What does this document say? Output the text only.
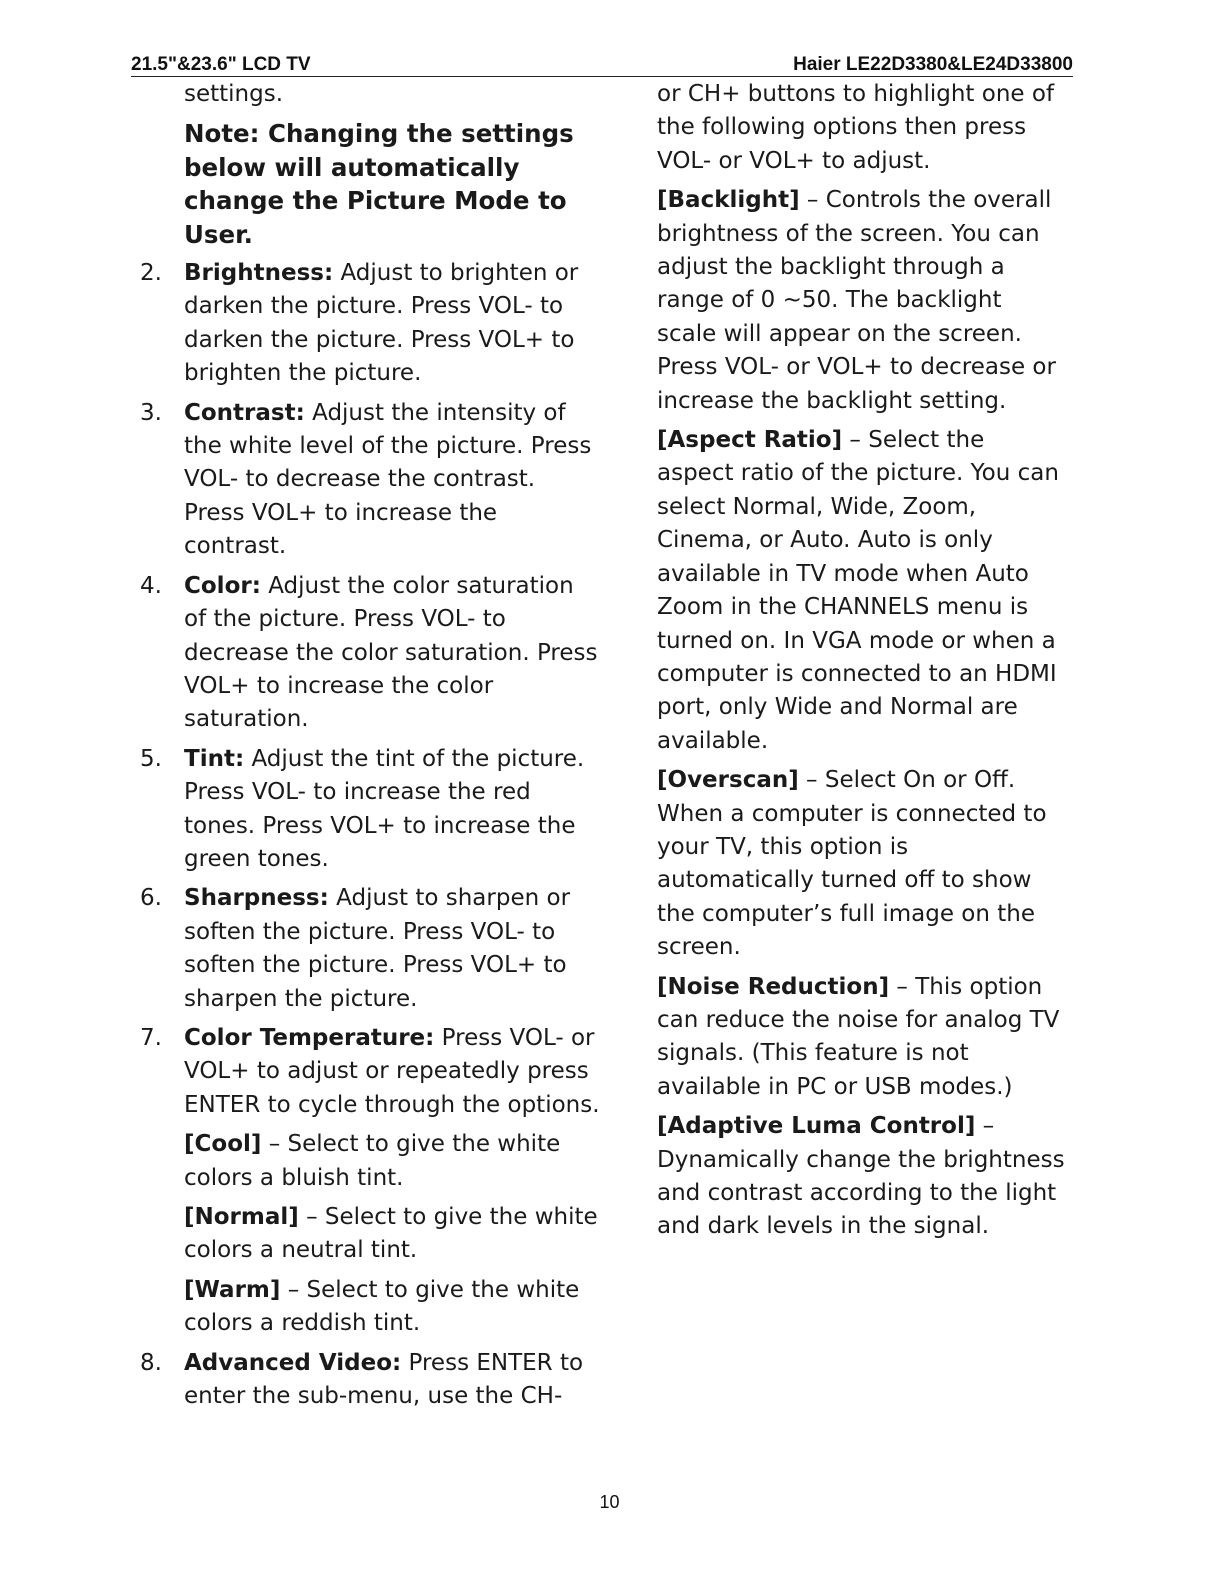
21.5"&23.6" LCD TV	Haier LE22D3380&LE24D33800

settings.

Note: Changing the settings below will automatically change the Picture Mode to User.

2. Brightness: Adjust to brighten or darken the picture. Press VOL- to darken the picture. Press VOL+ to brighten the picture.
3. Contrast: Adjust the intensity of the white level of the picture. Press VOL- to decrease the contrast. Press VOL+ to increase the contrast.
4. Color: Adjust the color saturation of the picture. Press VOL- to decrease the color saturation. Press VOL+ to increase the color saturation.
5. Tint: Adjust the tint of the picture. Press VOL- to increase the red tones. Press VOL+ to increase the green tones.
6. Sharpness: Adjust to sharpen or soften the picture. Press VOL- to soften the picture. Press VOL+ to sharpen the picture.
7. Color Temperature: Press VOL- or VOL+ to adjust or repeatedly press ENTER to cycle through the options.

[Cool] – Select to give the white colors a bluish tint.

[Normal] – Select to give the white colors a neutral tint.

[Warm] – Select to give the white colors a reddish tint.

8. Advanced Video: Press ENTER to enter the sub-menu, use the CH-

or CH+ buttons to highlight one of the following options then press VOL- or VOL+ to adjust.

[Backlight] – Controls the overall brightness of the screen. You can adjust the backlight through a range of 0 ~50. The backlight scale will appear on the screen. Press VOL- or VOL+ to decrease or increase the backlight setting.

[Aspect Ratio] – Select the aspect ratio of the picture. You can select Normal, Wide, Zoom, Cinema, or Auto. Auto is only available in TV mode when Auto Zoom in the CHANNELS menu is turned on. In VGA mode or when a computer is connected to an HDMI port, only Wide and Normal are available.

[Overscan] – Select On or Off. When a computer is connected to your TV, this option is automatically turned off to show the computer’s full image on the screen.

[Noise Reduction] – This option can reduce the noise for analog TV signals. (This feature is not available in PC or USB modes.)

[Adaptive Luma Control] – Dynamically change the brightness and contrast according to the light and dark levels in the signal.

10
